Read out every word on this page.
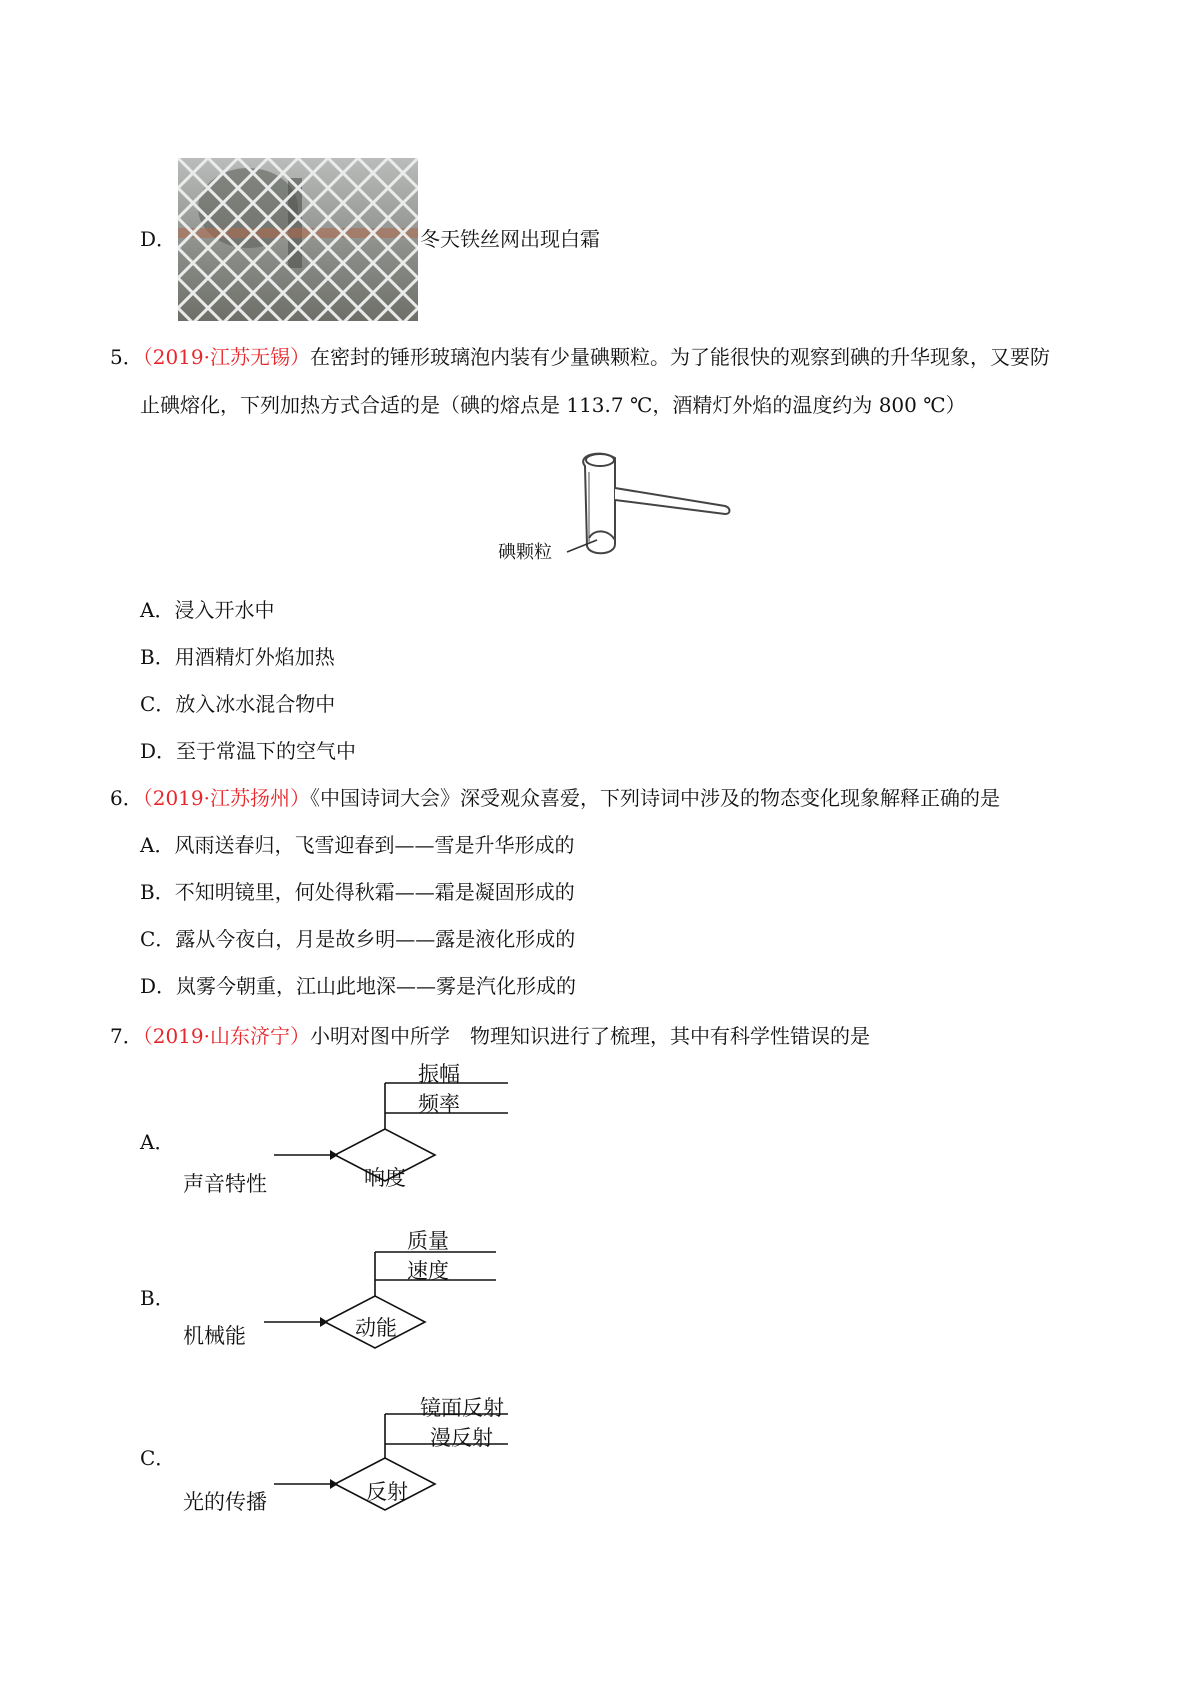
D．	冬天铁丝网出现白霜
5．（2019·江苏无锡）在密封的锤形玻璃泡内装有少量碘颗粒。为了能很快的观察到碘的升华现象，又要防
止碘熔化，下列加热方式合适的是（碘的熔点是 113.7 ℃，酒精灯外焰的温度约为 800 ℃）
碘颗粒
A．浸入开水中
B．用酒精灯外焰加热
C．放入冰水混合物中
D．至于常温下的空气中
6．（2019·江苏扬州）《中国诗词大会》深受观众喜爱，下列诗词中涉及的物态变化现象解释正确的是
A．风雨送春归，飞雪迎春到——雪是升华形成的
B．不知明镜里，何处得秋霜——霜是凝固形成的
C．露从今夜白，月是故乡明——露是液化形成的
D．岚雾今朝重，江山此地深——雾是汽化形成的
7．（2019·山东济宁）小明对图中所学　物理知识进行了梳理，其中有科学性错误的是
A．
声音特性	响度
振幅
频率
B．
机械能	动能
质量
速度
C．
光的传播	反射
镜面反射
漫反射
